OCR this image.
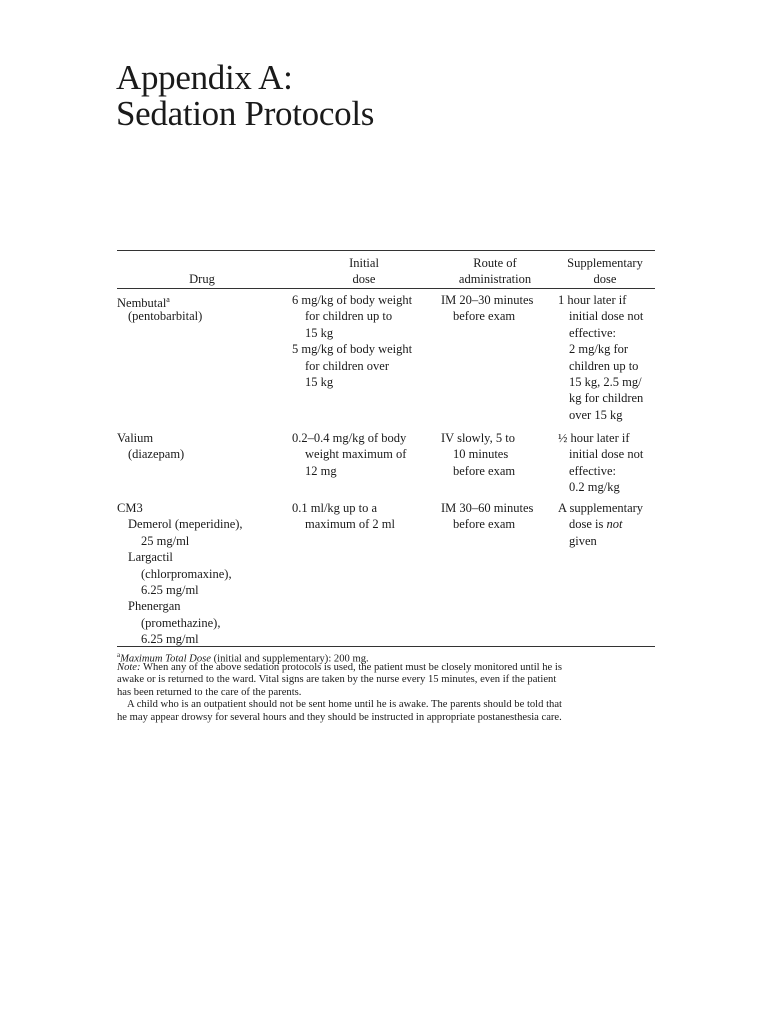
Appendix A:
Sedation Protocols
Drug
Initial
dose
Route of
administration
Supplementary
dose
Nembutal$^a$
(pentobarbital)
6 mg/kg of body weight
for children up to
15 kg
5 mg/kg of body weight
for children over
15 kg
IM 20–30 minutes
before exam
1 hour later if
initial dose not
effective:
2 mg/kg for
children up to
15 kg, 2.5 mg/
kg for children
over 15 kg
Valium
(diazepam)
0.2–0.4 mg/kg of body
weight maximum of
12 mg
IV slowly, 5 to
10 minutes
before exam
½ hour later if
initial dose not
effective:
0.2 mg/kg
CM3
Demerol (meperidine),
25 mg/ml
Largactil
(chlorpromaxine),
6.25 mg/ml
Phenergan
(promethazine),
6.25 mg/ml
0.1 ml/kg up to a
maximum of 2 ml
IM 30–60 minutes
before exam
A supplementary
dose is not
given
$^a$Maximum Total Dose (initial and supplementary): 200 mg.
Note: When any of the above sedation protocols is used, the patient must be closely monitored until he is
awake or is returned to the ward. Vital signs are taken by the nurse every 15 minutes, even if the patient
has been returned to the care of the parents.
A child who is an outpatient should not be sent home until he is awake. The parents should be told that
he may appear drowsy for several hours and they should be instructed in appropriate postanesthesia care.
